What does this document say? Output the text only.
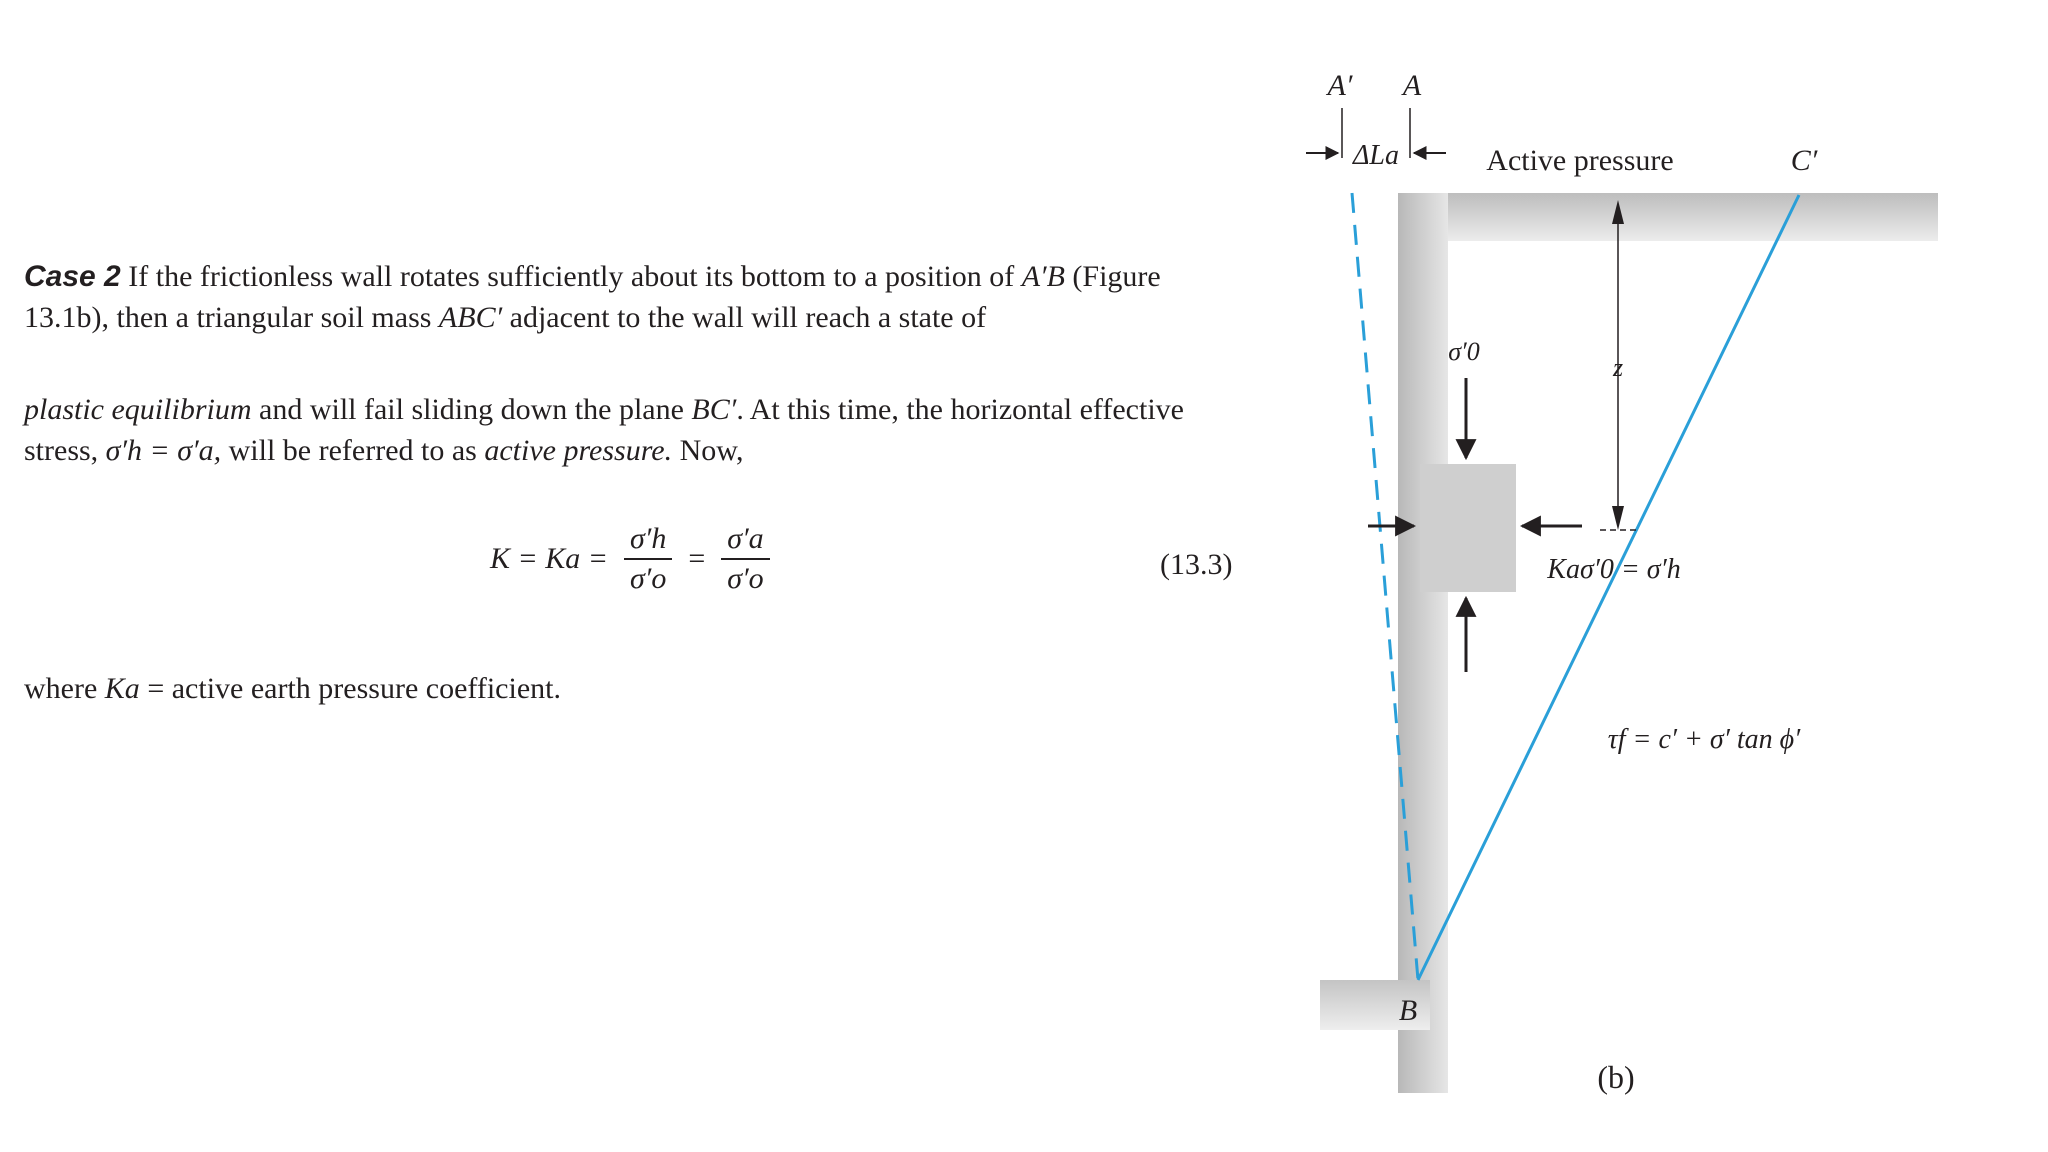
Case 2 If the frictionless wall rotates sufficiently about its bottom to a position of A′B (Figure 13.1b), then a triangular soil mass ABC′ adjacent to the wall will reach a state of
plastic equilibrium and will fail sliding down the plane BC′. At this time, the horizontal effective stress, σ′h = σ′a, will be referred to as active pressure. Now,
$K = Ka = \frac{\sigma'h}{\sigma'o} = \frac{\sigma'a}{\sigma'o}$	(13.3)
where Ka = active earth pressure coefficient.
A′ A
ΔLa	Active pressure	C′
σ′0
z
Kaσ′0 = σ′h
τf = c′ + σ′ tan ϕ′
B
(b)
